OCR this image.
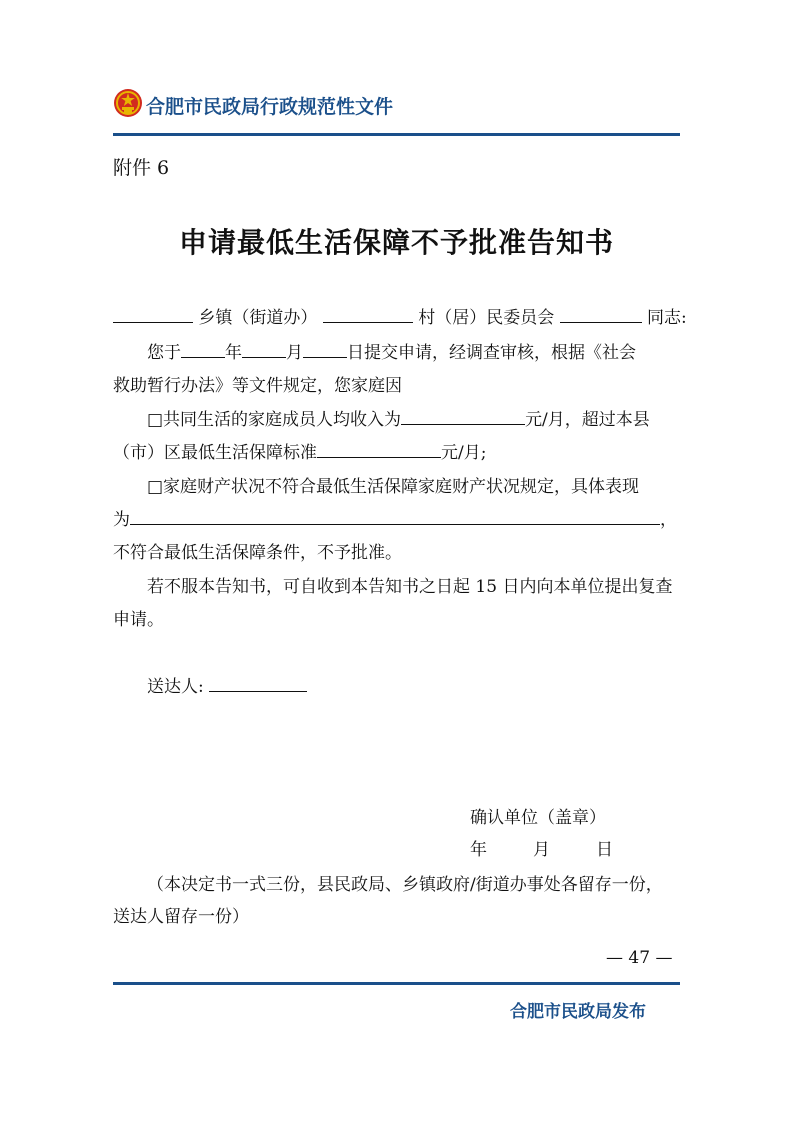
合肥市民政局行政规范性文件
附件 6
申请最低生活保障不予批准告知书
乡镇（街道办）	村（居）民委员会	同志:
您于	年	月	日提交申请，经调查审核，根据《社会
救助暂行办法》等文件规定，您家庭因
□共同生活的家庭成员人均收入为	元/月，超过本县
（市）区最低生活保障标准	元/月;
□家庭财产状况不符合最低生活保障家庭财产状况规定，具体表现
为	，
不符合最低生活保障条件，不予批准。
若不服本告知书，可自收到本告知书之日起 15 日内向本单位提出复查
申请。
送达人:
确认单位（盖章）
年	月	日
（本决定书一式三份，县民政局、乡镇政府/街道办事处各留存一份，
送达人留存一份）
— 47 —
合肥市民政局发布
